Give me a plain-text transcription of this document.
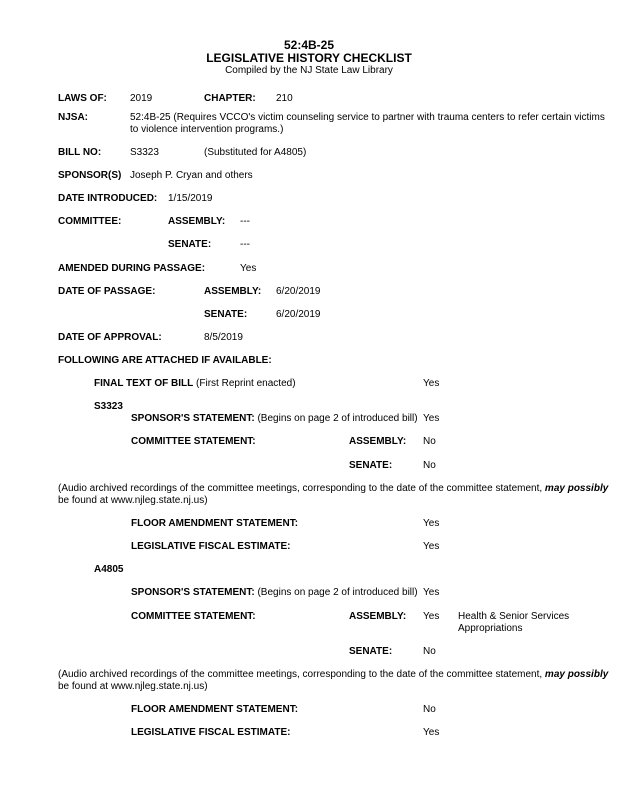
52:4B-25
LEGISLATIVE HISTORY CHECKLIST
Compiled by the NJ State Law Library
LAWS OF: 2019	CHAPTER: 210
NJSA:	52:4B-25 (Requires VCCO's victim counseling service to partner with trauma centers to refer certain victims
to violence intervention programs.)
BILL NO:	S3323	(Substituted for A4805)
SPONSOR(S) Joseph P. Cryan and others
DATE INTRODUCED: 1/15/2019
COMMITTEE:	ASSEMBLY: ---
SENATE:	---
AMENDED DURING PASSAGE:	Yes
DATE OF PASSAGE:	ASSEMBLY: 6/20/2019
SENATE:	6/20/2019
DATE OF APPROVAL:	8/5/2019
FOLLOWING ARE ATTACHED IF AVAILABLE:
FINAL TEXT OF BILL (First Reprint enacted)	Yes
S3323
SPONSOR'S STATEMENT: (Begins on page 2 of introduced bill) Yes
COMMITTEE STATEMENT:	ASSEMBLY: No
SENATE:	No
(Audio archived recordings of the committee meetings, corresponding to the date of the committee statement, may possibly
be found at www.njleg.state.nj.us)
FLOOR AMENDMENT STATEMENT:	Yes
LEGISLATIVE FISCAL ESTIMATE:	Yes
A4805
SPONSOR'S STATEMENT: (Begins on page 2 of introduced bill) Yes
COMMITTEE STATEMENT:	ASSEMBLY: Yes Health & Senior Services
Appropriations
SENATE:	No
(Audio archived recordings of the committee meetings, corresponding to the date of the committee statement, may possibly
be found at www.njleg.state.nj.us)
FLOOR AMENDMENT STATEMENT:	No
LEGISLATIVE FISCAL ESTIMATE:	Yes
